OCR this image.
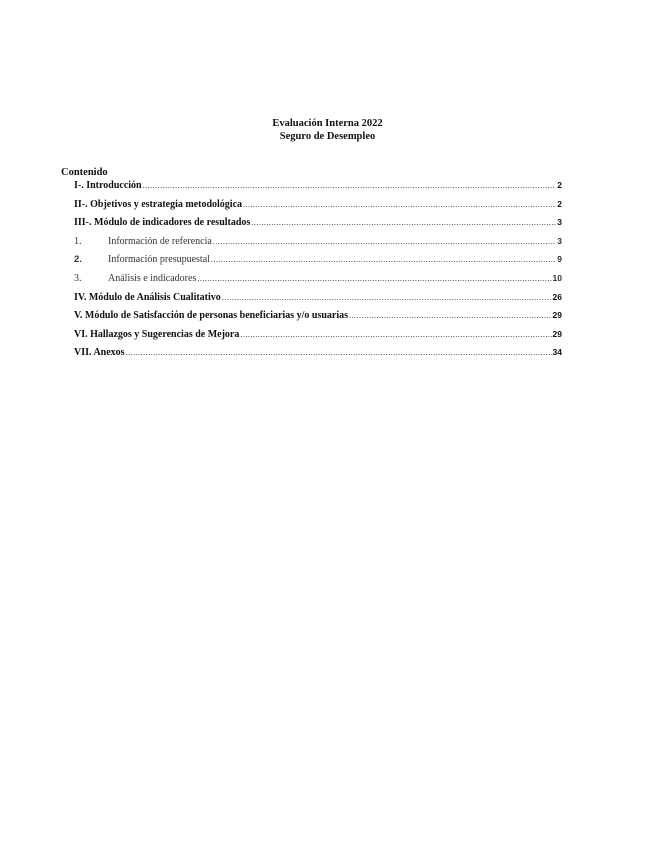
Evaluación Interna 2022
Seguro de Desempleo
Contenido
I-. Introducción .....	2
II-. Objetivos y estrategia metodológica .....	2
III-. Módulo de indicadores de resultados .....	3
1.	Información de referencia .....	3
2.	Información presupuestal .....	9
3.	Análisis e indicadores .....	10
IV. Módulo de Análisis Cualitativo .....	26
V. Módulo de Satisfacción de personas beneficiarias y/o usuarias .....	29
VI. Hallazgos y Sugerencias de Mejora .....	29
VII. Anexos .....	34
